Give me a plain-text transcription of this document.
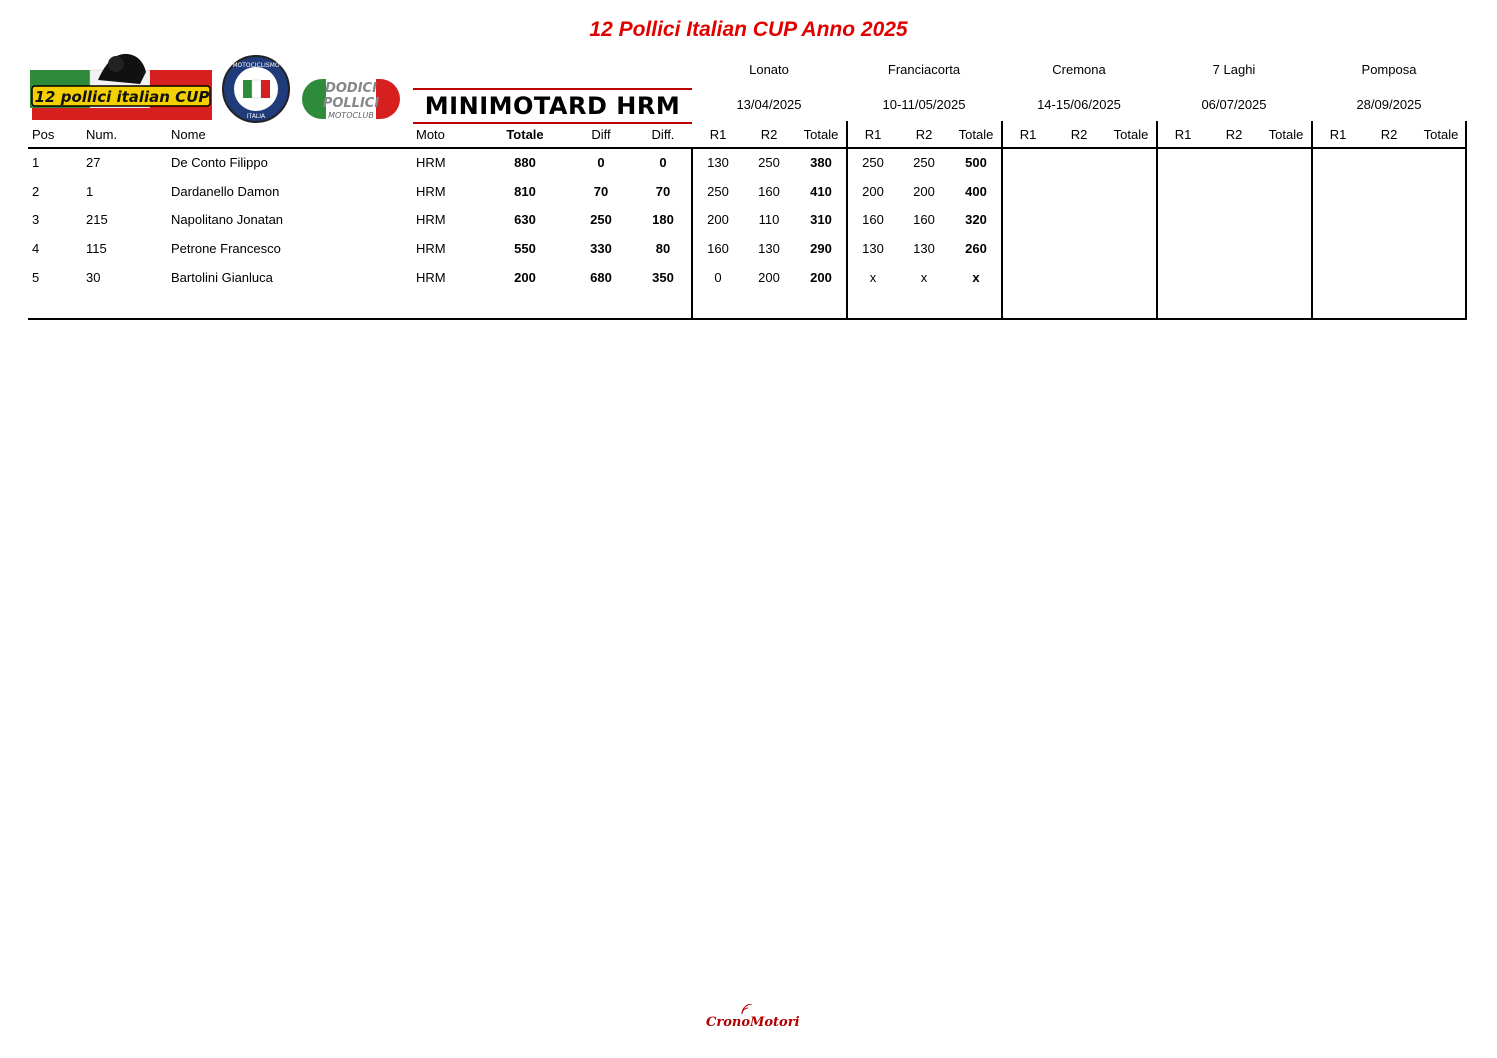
12 Pollici Italian CUP Anno 2025
12 pollici italian CUP
MOTOCICLISMO
ITALIA
DODICI
POLLICI
MOTOCLUB	MINIMOTARD HRM
CronoMotori
Lonato
13/04/2025
Franciacorta
10-11/05/2025
Cremona
14-15/06/2025
7 Laghi
06/07/2025
Pomposa
28/09/2025
Pos Num.	Nome	Moto	Totale	Diff	Diff.	R1	R2	Totale	R1	R2	Totale	R1	R2	Totale	R1	R2	Totale	R1	R2	Totale
1	27	De Conto Filippo	HRM	880	0	0	130	250	380	250	250	500
2	1	Dardanello Damon	HRM	810	70	70	250	160	410	200	200	400
3	215	Napolitano Jonatan	HRM	630	250	180	200	110	310	160	160	320
4	115	Petrone Francesco	HRM	550	330	80	160	130	290	130	130	260
5	30	Bartolini Gianluca	HRM	200	680	350	0	200	200	x	x	x
